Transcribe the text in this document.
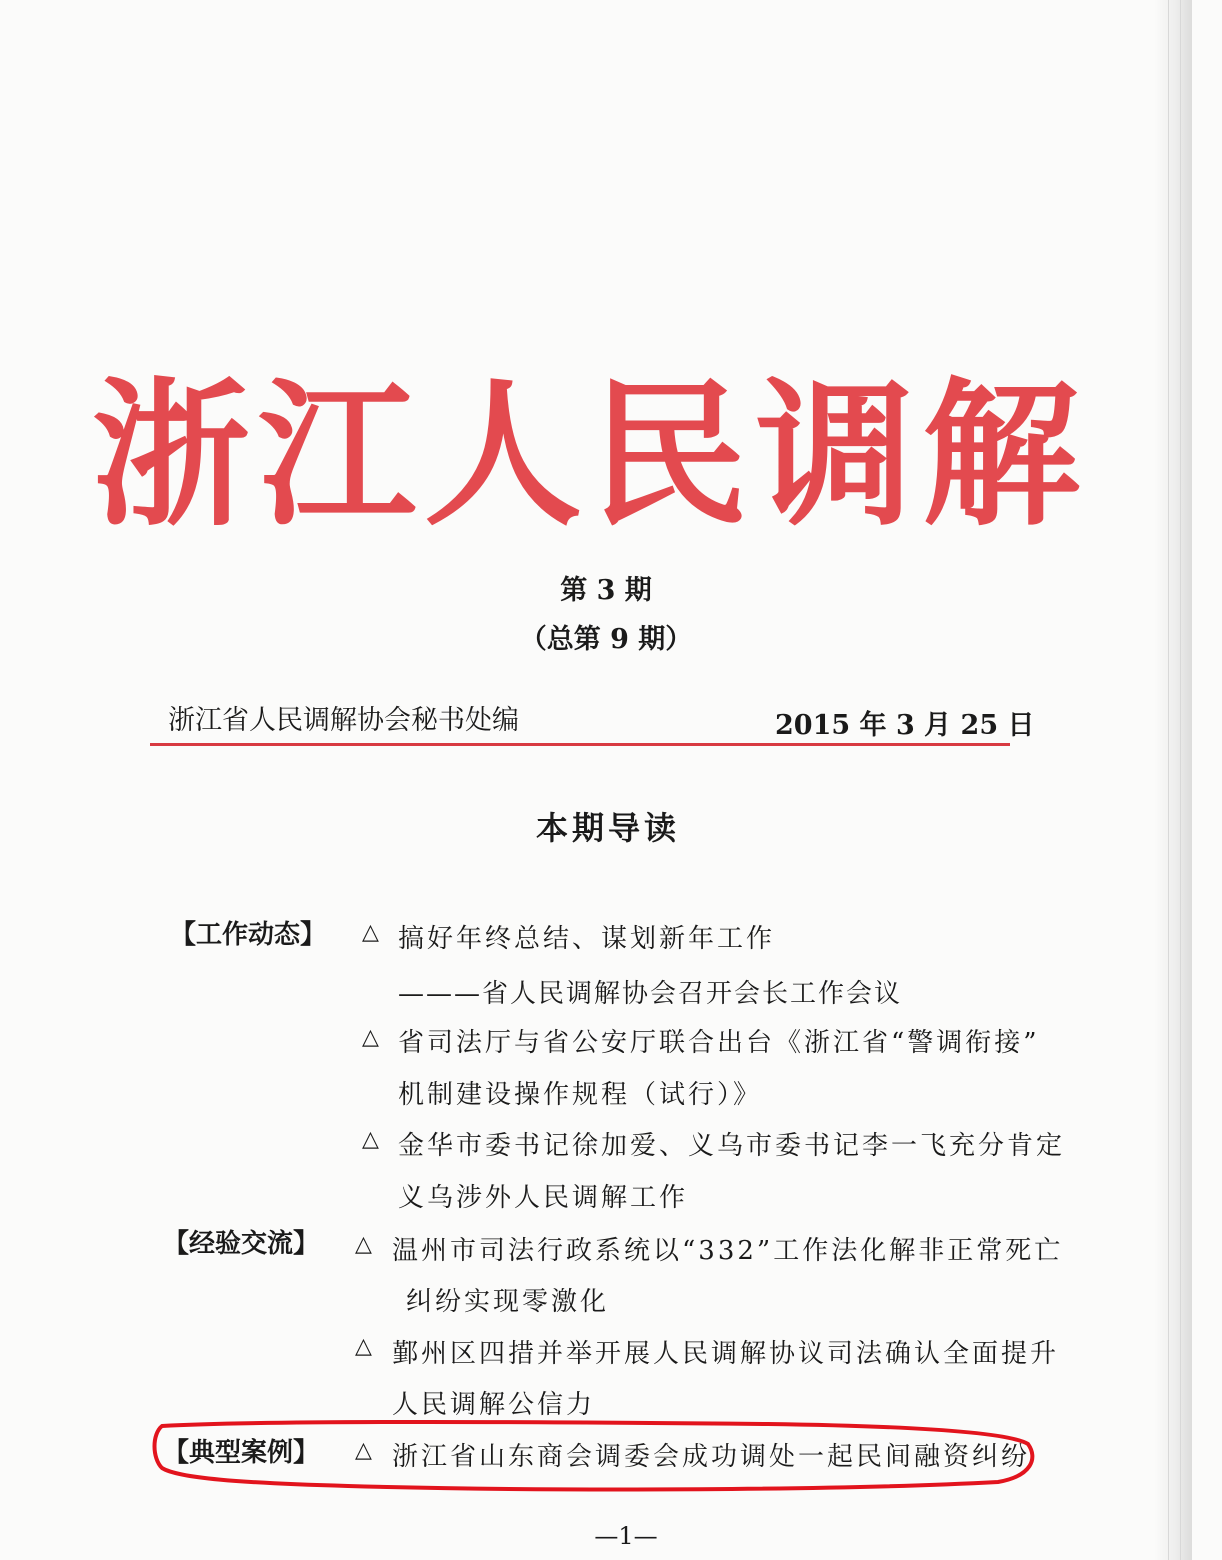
浙江人民调解
第 3 期
（总第 9 期）
浙江省人民调解协会秘书处编	2015 年 3 月 25 日
本期导读
【工作动态】 △ 搞好年终总结、谋划新年工作
———省人民调解协会召开会长工作会议
△ 省司法厅与省公安厅联合出台《浙江省“警调衔接”
机制建设操作规程（试行）》
△ 金华市委书记徐加爱、义乌市委书记李一飞充分肯定
义乌涉外人民调解工作
【经验交流】 △ 温州市司法行政系统以“332”工作法化解非正常死亡
纠纷实现零激化
△ 鄞州区四措并举开展人民调解协议司法确认全面提升
人民调解公信力
【典型案例】 △ 浙江省山东商会调委会成功调处一起民间融资纠纷
—1—
